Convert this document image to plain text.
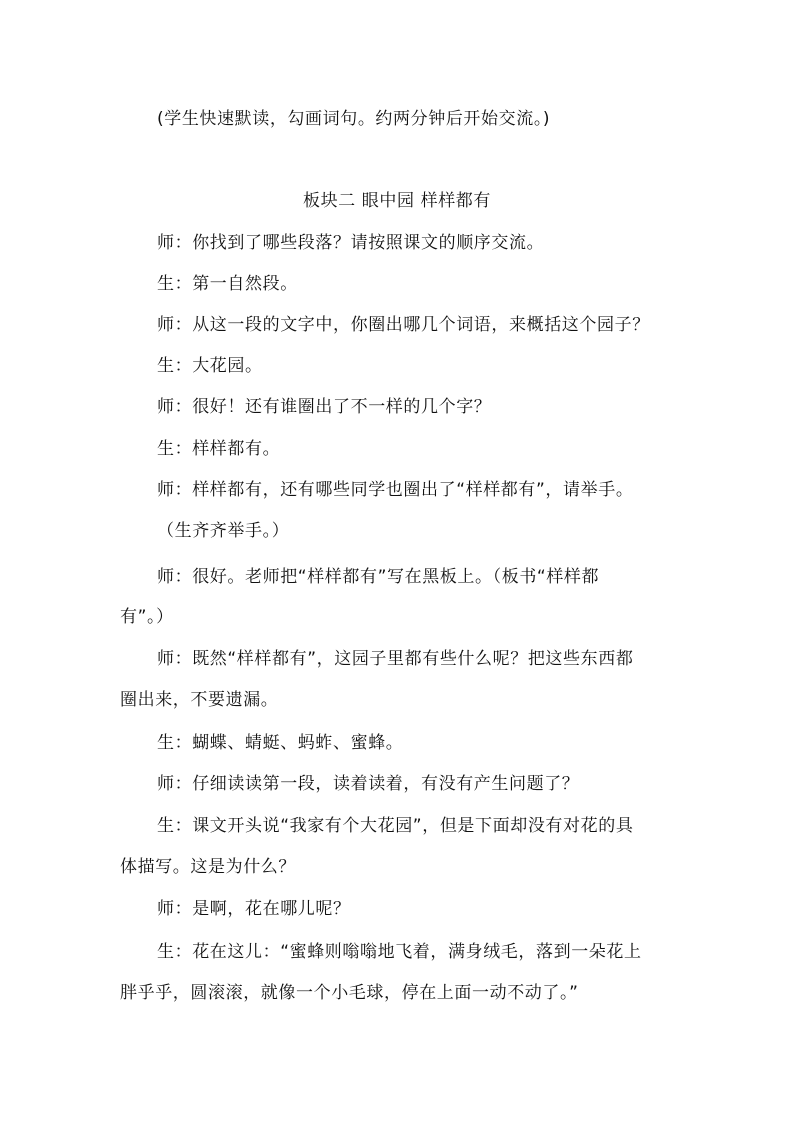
(学生快速默读，勾画词句。约两分钟后开始交流。)
板块二 眼中园 样样都有
师：你找到了哪些段落？请按照课文的顺序交流。
生：第一自然段。
师：从这一段的文字中，你圈出哪几个词语，来概括这个园子？
生：大花园。
师：很好！还有谁圈出了不一样的几个字？
生：样样都有。
师：样样都有，还有哪些同学也圈出了“样样都有”，请举手。
（生齐齐举手。）
师：很好。老师把“样样都有”写在黑板上。（板书“样样都
有”。）
师：既然“样样都有”，这园子里都有些什么呢？把这些东西都
圈出来，不要遗漏。
生：蝴蝶、蜻蜓、蚂蚱、蜜蜂。
师：仔细读读第一段，读着读着，有没有产生问题了？
生：课文开头说“我家有个大花园”，但是下面却没有对花的具
体描写。这是为什么？
师：是啊，花在哪儿呢？
生：花在这儿：“蜜蜂则嗡嗡地飞着，满身绒毛，落到一朵花上
胖乎乎，圆滚滚，就像一个小毛球，停在上面一动不动了。”
